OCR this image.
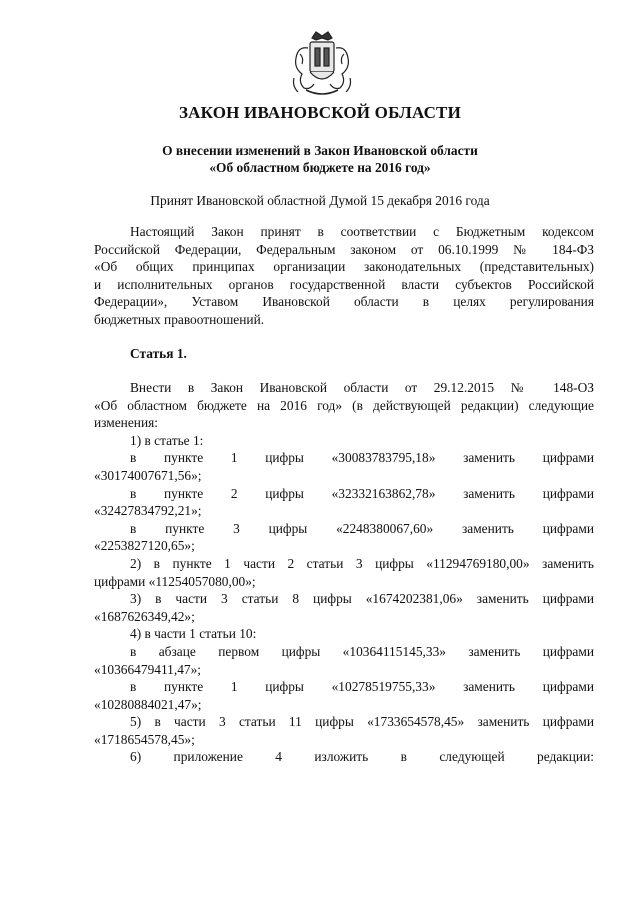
ЗАКОН ИВАНОВСКОЙ ОБЛАСТИ
О внесении изменений в Закон Ивановской области
«Об областном бюджете на 2016 год»

Принят Ивановской областной Думой 15 декабря 2016 года

Настоящий Закон принят в соответствии с Бюджетным кодексом
Российской Федерации, Федеральным законом от 06.10.1999 № 184-ФЗ
«Об общих принципах организации законодательных (представительных)
и исполнительных органов государственной власти субъектов Российской
Федерации», Уставом Ивановской области в целях регулирования
бюджетных правоотношений.

Статья 1.

Внести в Закон Ивановской области от 29.12.2015 № 148-ОЗ
«Об областном бюджете на 2016 год» (в действующей редакции) следующие
изменения:
1) в статье 1:
в пункте 1 цифры «30083783795,18» заменить цифрами
«30174007671,56»;
в пункте 2 цифры «32332163862,78» заменить цифрами
«32427834792,21»;
в пункте 3 цифры «2248380067,60» заменить цифрами
«2253827120,65»;
2) в пункте 1 части 2 статьи 3 цифры «11294769180,00» заменить
цифрами «11254057080,00»;
3) в части 3 статьи 8 цифры «1674202381,06» заменить цифрами
«1687626349,42»;
4) в части 1 статьи 10:
в абзаце первом цифры «10364115145,33» заменить цифрами
«10366479411,47»;
в пункте 1 цифры «10278519755,33» заменить цифрами
«10280884021,47»;
5) в части 3 статьи 11 цифры «1733654578,45» заменить цифрами
«1718654578,45»;
6) приложение 4 изложить в следующей редакции:
